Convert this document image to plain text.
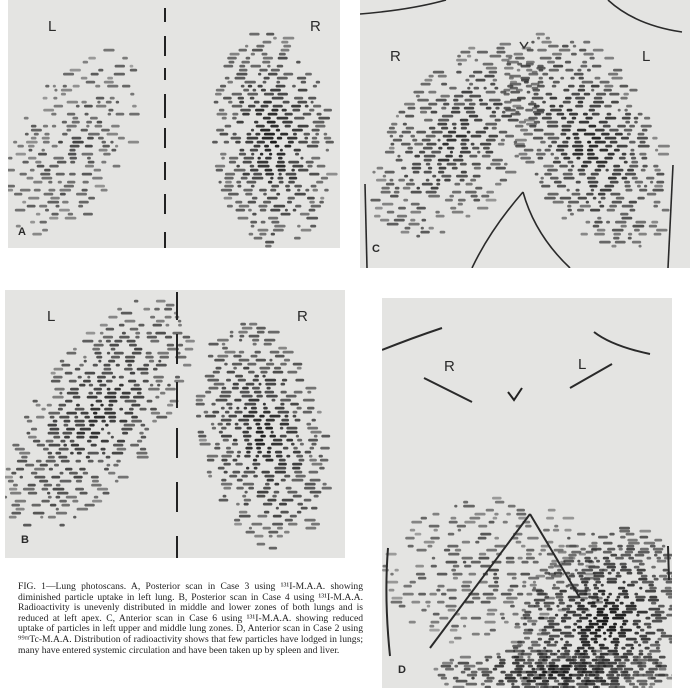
L	R
A
R	L
C
L	R
B
R	L
D
FIG. 1—Lung photoscans. A, Posterior scan in Case 3 using ¹³¹I-M.A.A. showing diminished particle uptake in left lung. B, Posterior scan in Case 4 using ¹³¹I-M.A.A. Radioactivity is unevenly distributed in middle and lower zones of both lungs and is reduced at left apex. C, Anterior scan in Case 6 using ¹³¹I-M.A.A. showing reduced uptake of particles in left upper and middle lung zones. D, Anterior scan in Case 2 using ⁹⁹ᵐTc-M.A.A. Distribution of radioactivity shows that few particles have lodged in lungs; many have entered systemic circulation and have been taken up by spleen and liver.
